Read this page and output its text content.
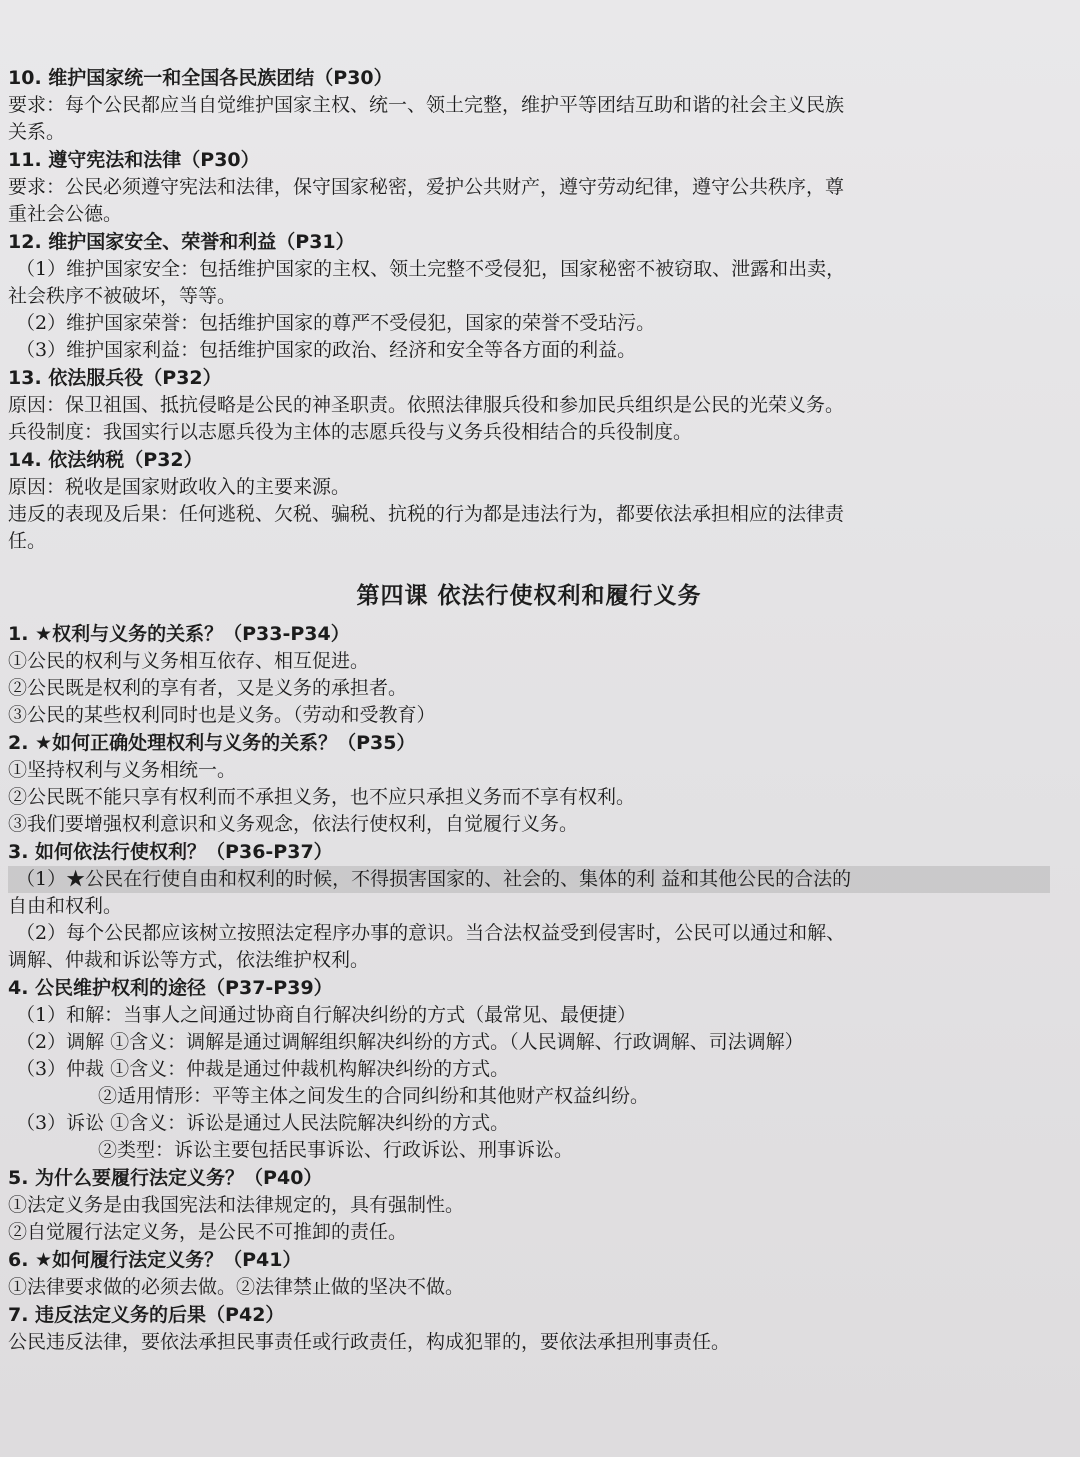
10. 维护国家统一和全国各民族团结（P30）

要求：每个公民都应当自觉维护国家主权、统一、领土完整，维护平等团结互助和谐的社会主义民族

关系。

11. 遵守宪法和法律（P30）

要求：公民必须遵守宪法和法律，保守国家秘密，爱护公共财产，遵守劳动纪律，遵守公共秩序，尊

重社会公德。

12. 维护国家安全、荣誉和利益（P31）

（1）维护国家安全：包括维护国家的主权、领土完整不受侵犯，国家秘密不被窃取、泄露和出卖，

社会秩序不被破坏，等等。

（2）维护国家荣誉：包括维护国家的尊严不受侵犯，国家的荣誉不受玷污。

（3）维护国家利益：包括维护国家的政治、经济和安全等各方面的利益。

13. 依法服兵役（P32）

原因：保卫祖国、抵抗侵略是公民的神圣职责。依照法律服兵役和参加民兵组织是公民的光荣义务。

兵役制度：我国实行以志愿兵役为主体的志愿兵役与义务兵役相结合的兵役制度。

14. 依法纳税（P32）

原因：税收是国家财政收入的主要来源。

违反的表现及后果：任何逃税、欠税、骗税、抗税的行为都是违法行为，都要依法承担相应的法律责

任。

第四课 依法行使权利和履行义务

1. ★权利与义务的关系？（P33-P34）

①公民的权利与义务相互依存、相互促进。

②公民既是权利的享有者，又是义务的承担者。

③公民的某些权利同时也是义务。（劳动和受教育）

2. ★如何正确处理权利与义务的关系？（P35）

①坚持权利与义务相统一。

②公民既不能只享有权利而不承担义务，也不应只承担义务而不享有权利。

③我们要增强权利意识和义务观念，依法行使权利，自觉履行义务。

3. 如何依法行使权利？（P36-P37）

（1）★公民在行使自由和权利的时候，不得损害国家的、社会的、集体的利 益和其他公民的合法的

自由和权利。

（2）每个公民都应该树立按照法定程序办事的意识。当合法权益受到侵害时，公民可以通过和解、

调解、仲裁和诉讼等方式，依法维护权利。

4. 公民维护权利的途径（P37-P39）

（1）和解：当事人之间通过协商自行解决纠纷的方式（最常见、最便捷）

（2）调解 ①含义：调解是通过调解组织解决纠纷的方式。（人民调解、行政调解、司法调解）

（3）仲裁 ①含义：仲裁是通过仲裁机构解决纠纷的方式。

②适用情形：平等主体之间发生的合同纠纷和其他财产权益纠纷。

（3）诉讼 ①含义：诉讼是通过人民法院解决纠纷的方式。

②类型：诉讼主要包括民事诉讼、行政诉讼、刑事诉讼。

5. 为什么要履行法定义务？（P40）

①法定义务是由我国宪法和法律规定的，具有强制性。

②自觉履行法定义务，是公民不可推卸的责任。

6. ★如何履行法定义务？（P41）

①法律要求做的必须去做。②法律禁止做的坚决不做。

7. 违反法定义务的后果（P42）

公民违反法律，要依法承担民事责任或行政责任，构成犯罪的，要依法承担刑事责任。
